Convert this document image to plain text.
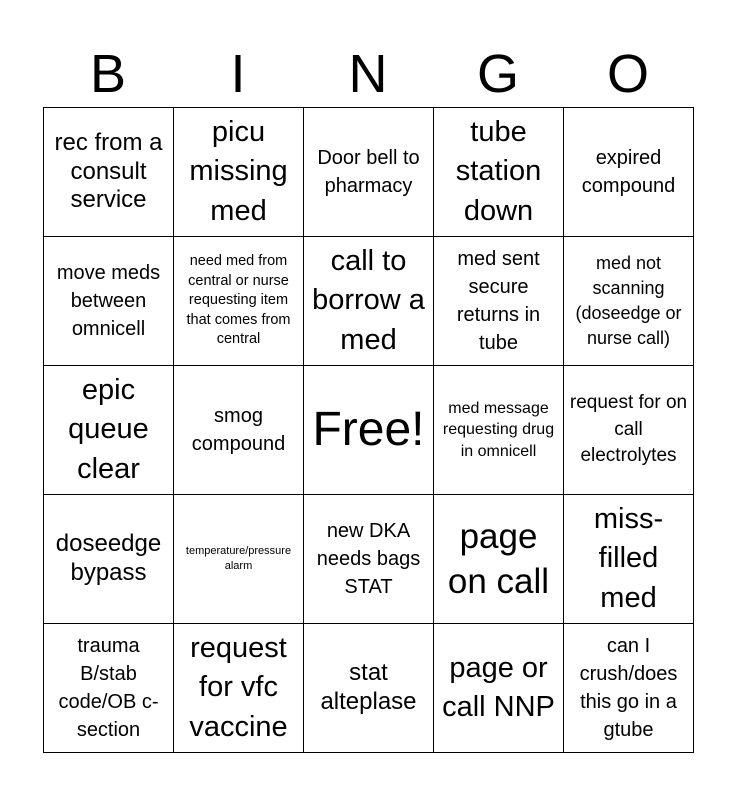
B	I	N	G	O
rec from a consult service	picu missing med	Door bell to pharmacy	tube station down	expired compound
move meds between omnicell	need med from central or nurse requesting item that comes from central	call to borrow a med	med sent secure returns in tube	med not scanning (doseedge or nurse call)
epic queue clear	smog compound	Free!	med message requesting drug in omnicell	request for on call electrolytes
doseedge bypass	temperature/pressure alarm	new DKA needs bags STAT	page on call	miss-filled med
trauma B/stab code/OB c-section	request for vfc vaccine	stat alteplase	page or call NNP	can I crush/does this go in a gtube
